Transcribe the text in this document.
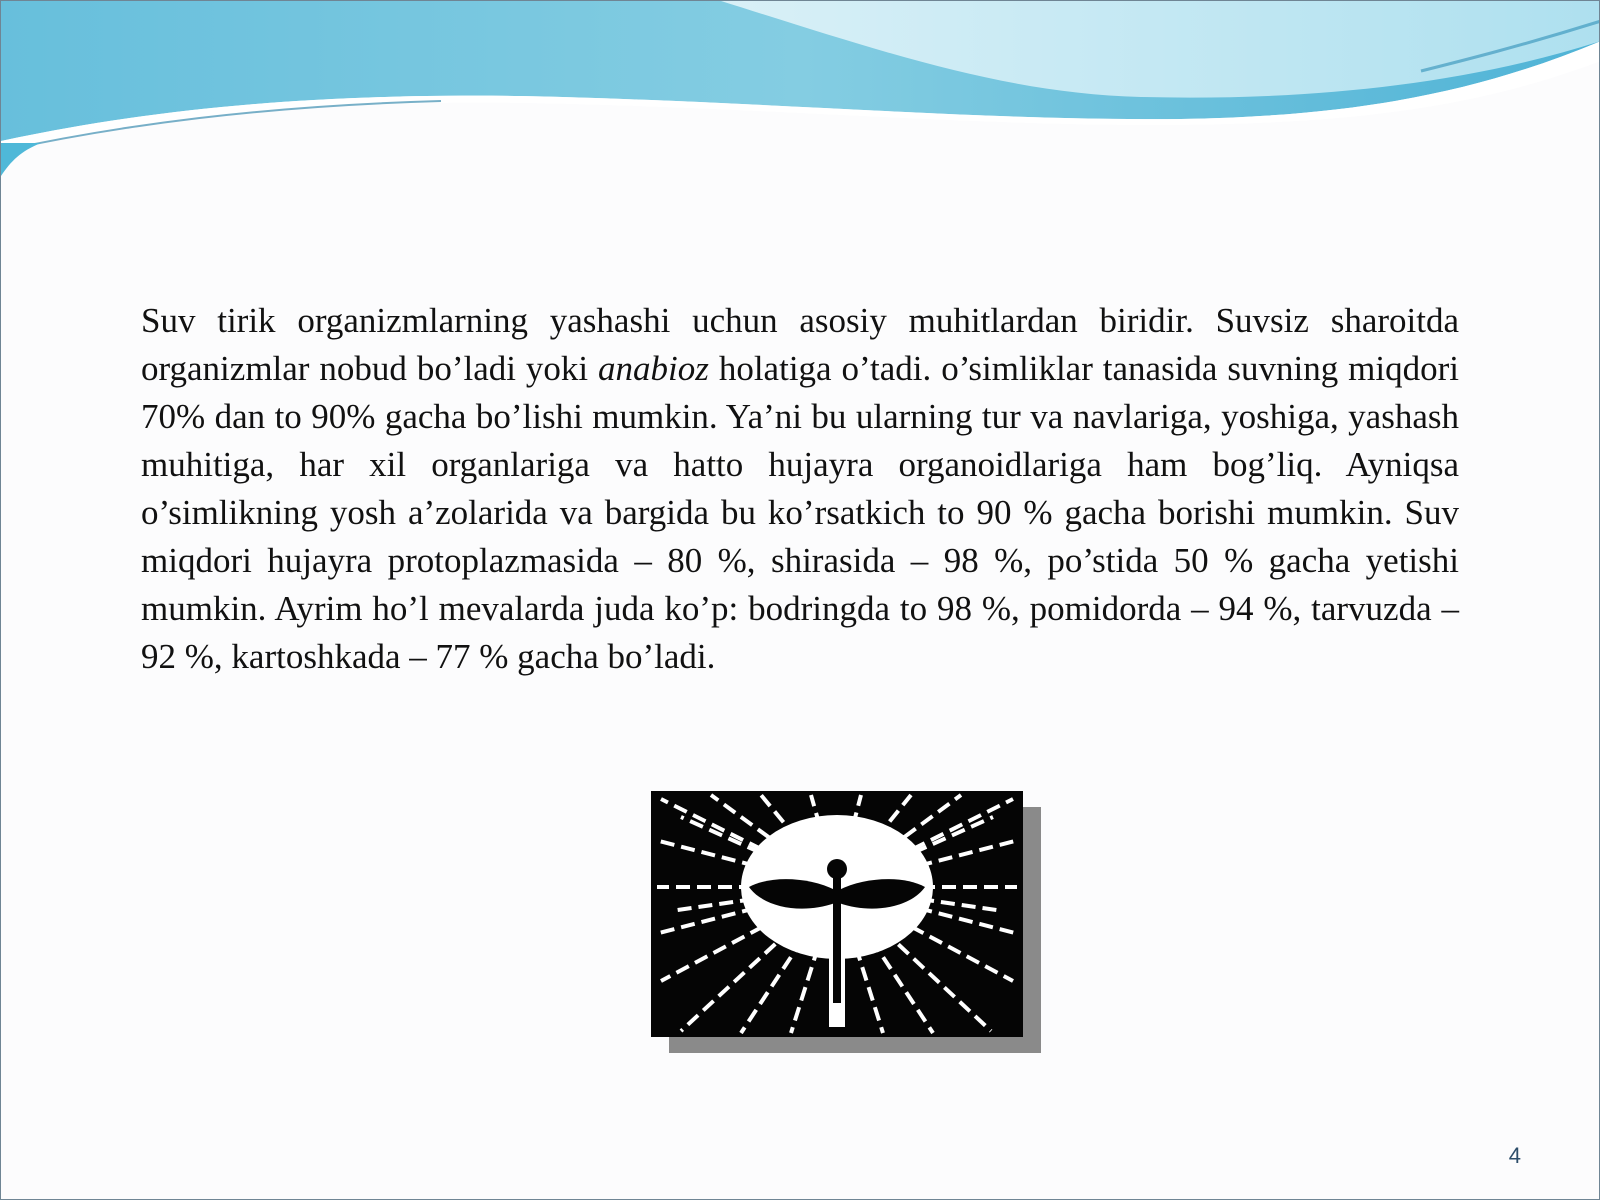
Suv tirik organizmlarning yashashi uchun asosiy muhitlardan biridir. Suvsiz sharoitda organizmlar nobud bo’ladi yoki anabioz holatiga o’tadi. o’simliklar tanasida suvning miqdori 70% dan to 90% gacha bo’lishi mumkin. Ya’ni bu ularning tur va navlariga, yoshiga, yashash muhitiga, har xil organlariga va hatto hujayra organoidlariga ham bog’liq. Ayniqsa o’simlikning yosh a’zolarida va bargida bu ko’rsatkich to 90 % gacha borishi mumkin. Suv miqdori hujayra protoplazmasida – 80 %, shirasida – 98 %, po’stida 50 % gacha yetishi mumkin. Ayrim ho’l mevalarda juda ko’p: bodringda to 98 %, pomidorda – 94 %, tarvuzda – 92 %, kartoshkada – 77 % gacha bo’ladi.

4
